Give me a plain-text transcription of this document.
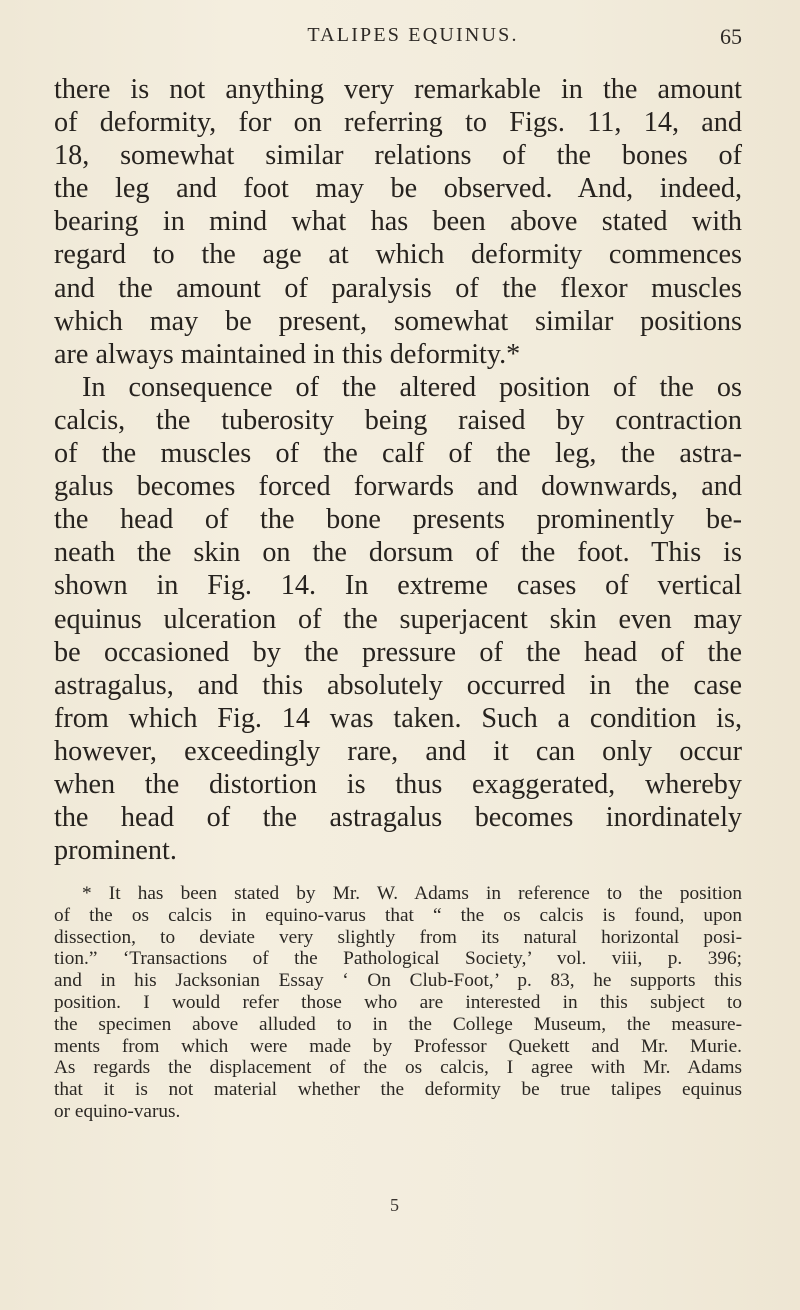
TALIPES EQUINUS.	65
there is not anything very remarkable in the amount
of deformity, for on referring to Figs. 11, 14, and
18, somewhat similar relations of the bones of
the leg and foot may be observed. And, indeed,
bearing in mind what has been above stated with
regard to the age at which deformity commences
and the amount of paralysis of the flexor muscles
which may be present, somewhat similar positions
are always maintained in this deformity.*
In consequence of the altered position of the os
calcis, the tuberosity being raised by contraction
of the muscles of the calf of the leg, the astra-
galus becomes forced forwards and downwards, and
the head of the bone presents prominently be-
neath the skin on the dorsum of the foot. This is
shown in Fig. 14. In extreme cases of vertical
equinus ulceration of the superjacent skin even may
be occasioned by the pressure of the head of the
astragalus, and this absolutely occurred in the case
from which Fig. 14 was taken. Such a condition is,
however, exceedingly rare, and it can only occur
when the distortion is thus exaggerated, whereby
the head of the astragalus becomes inordinately
prominent.
* It has been stated by Mr. W. Adams in reference to the position
of the os calcis in equino-varus that “ the os calcis is found, upon
dissection, to deviate very slightly from its natural horizontal posi-
tion.” ‘Transactions of the Pathological Society,’ vol. viii, p. 396;
and in his Jacksonian Essay ‘ On Club-Foot,’ p. 83, he supports this
position. I would refer those who are interested in this subject to
the specimen above alluded to in the College Museum, the measure-
ments from which were made by Professor Quekett and Mr. Murie.
As regards the displacement of the os calcis, I agree with Mr. Adams
that it is not material whether the deformity be true talipes equinus
or equino-varus.
5
